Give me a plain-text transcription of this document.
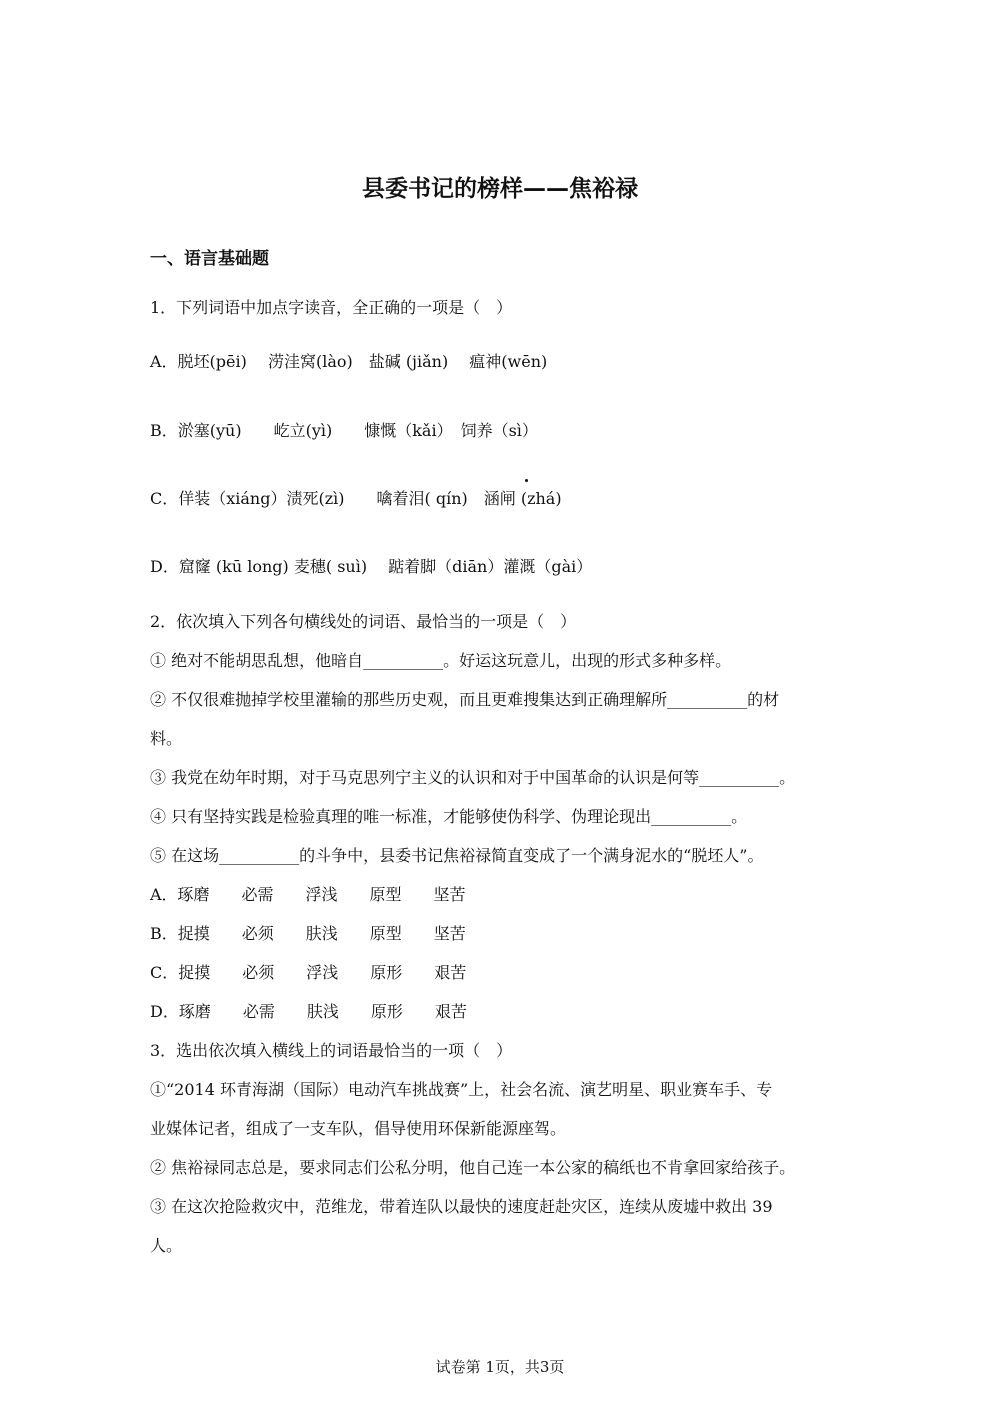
县委书记的榜样——焦裕禄
一、语言基础题
1．下列词语中加点字读音，全正确的一项是（　）
A．脱坯(pēi)　 涝洼窝(lào)　盐碱 (jiǎn)　 瘟神(wēn)
B．淤塞(yū)　　屹立(yì)　　慷慨（kǎi）　饲养（sì）
C．佯装（xiáng）渍死(zì)　　噙着泪( qín)　涵闸 (zhá)
D．窟窿 (kū long) 麦穗( suì)　 踮着脚（diān）灌溉（gài）
2．依次填入下列各句横线处的词语、最恰当的一项是（　）
① 绝对不能胡思乱想，他暗自__________。好运这玩意儿，出现的形式多种多样。
② 不仅很难抛掉学校里灌输的那些历史观，而且更难搜集达到正确理解所__________的材
料。
③ 我党在幼年时期，对于马克思列宁主义的认识和对于中国革命的认识是何等__________。
④ 只有坚持实践是检验真理的唯一标准，才能够使伪科学、伪理论现出__________。
⑤ 在这场__________的斗争中，县委书记焦裕禄简直变成了一个满身泥水的“脱坯人”。
A．琢磨　　必需　　浮浅　　原型　　坚苦
B．捉摸　　必须　　肤浅　　原型　　坚苦
C．捉摸　　必须　　浮浅　　原形　　艰苦
D．琢磨　　必需　　肤浅　　原形　　艰苦
3．选出依次填入横线上的词语最恰当的一项（　）
①“2014 环青海湖（国际）电动汽车挑战赛”上，社会名流、演艺明星、职业赛车手、专
业媒体记者，组成了一支车队，倡导使用环保新能源座驾。
② 焦裕禄同志总是，要求同志们公私分明，他自己连一本公家的稿纸也不肯拿回家给孩子。
③ 在这次抢险救灾中，范维龙，带着连队以最快的速度赶赴灾区，连续从废墟中救出 39
人。
试卷第 1页，共3页
